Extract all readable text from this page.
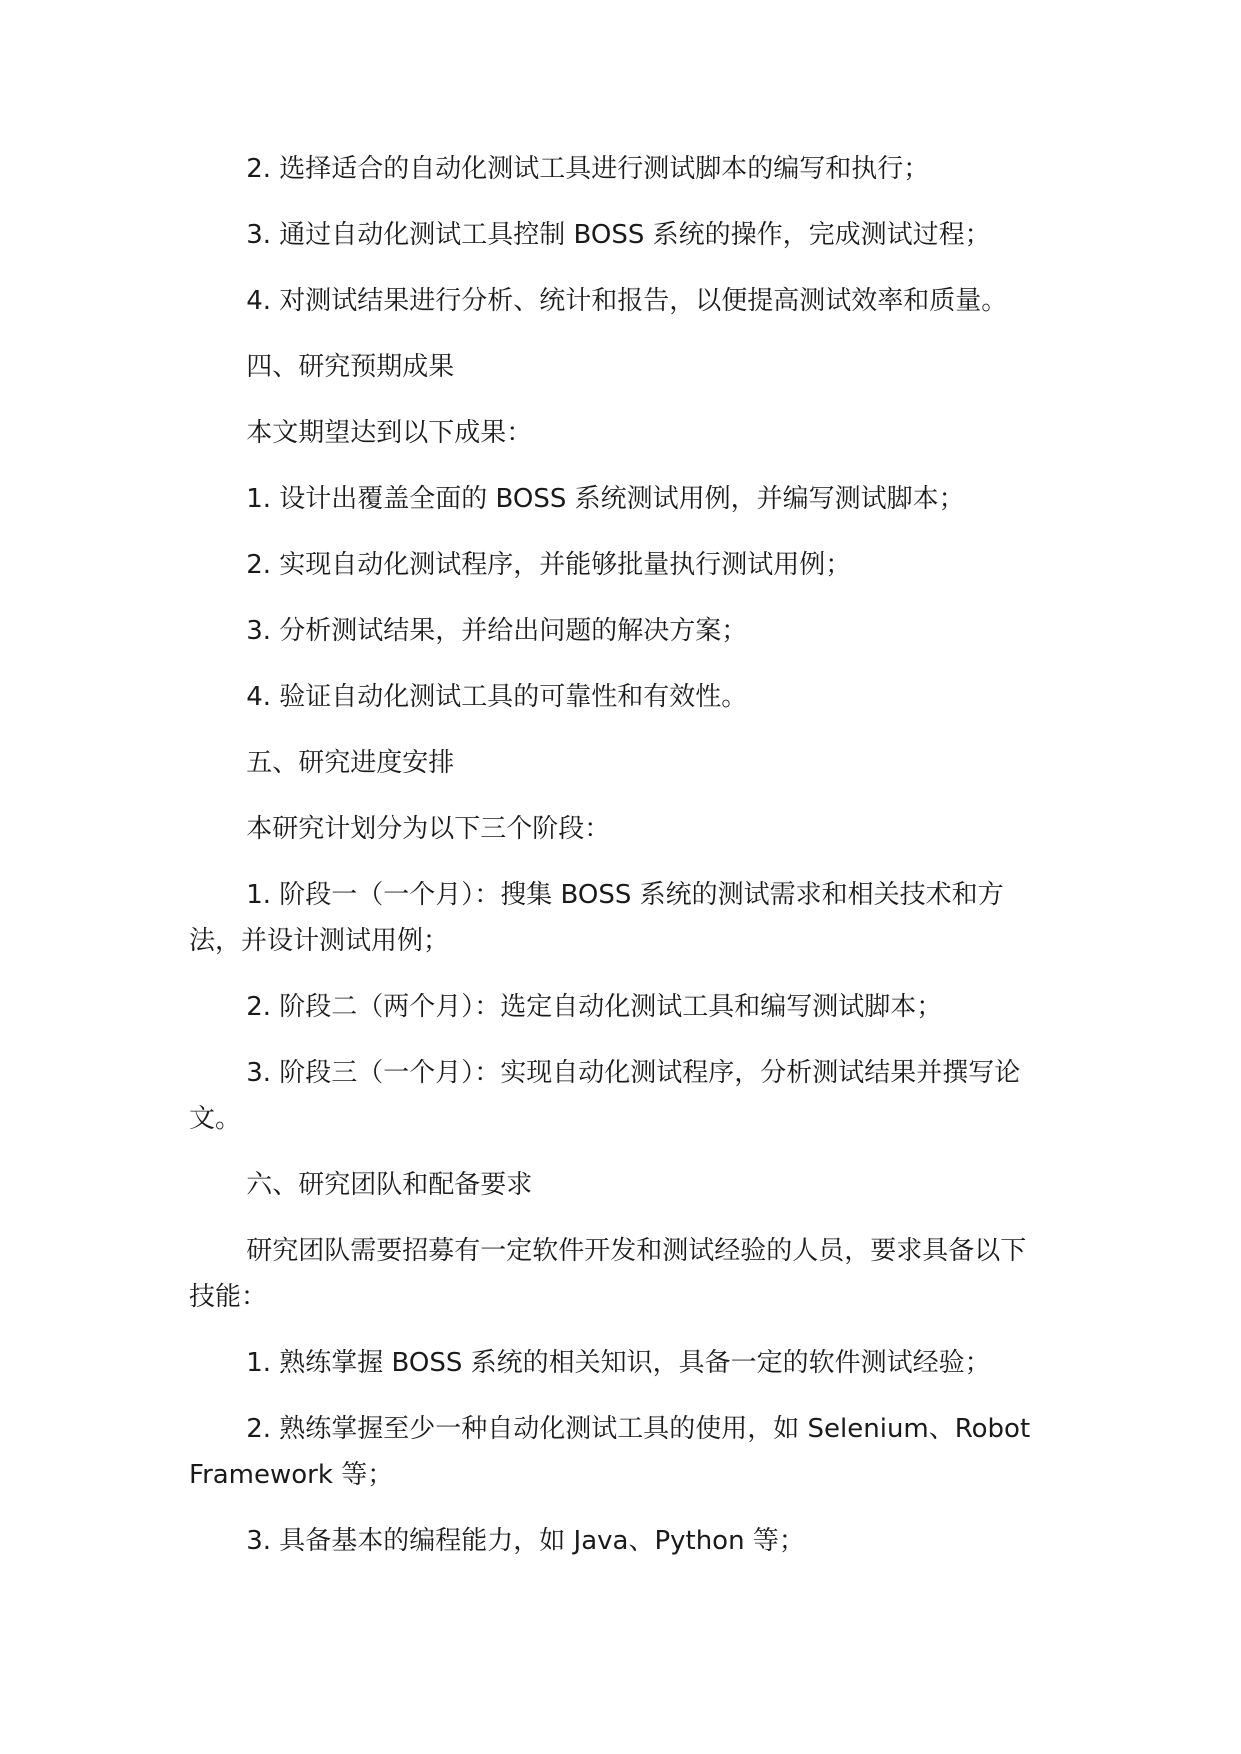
2. 选择适合的自动化测试工具进行测试脚本的编写和执行；

3. 通过自动化测试工具控制 BOSS 系统的操作，完成测试过程；

4. 对测试结果进行分析、统计和报告，以便提高测试效率和质量。

四、研究预期成果

本文期望达到以下成果：

1. 设计出覆盖全面的 BOSS 系统测试用例，并编写测试脚本；

2. 实现自动化测试程序，并能够批量执行测试用例；

3. 分析测试结果，并给出问题的解决方案；

4. 验证自动化测试工具的可靠性和有效性。

五、研究进度安排

本研究计划分为以下三个阶段：

1. 阶段一（一个月）：搜集 BOSS 系统的测试需求和相关技术和方法，并设计测试用例；

2. 阶段二（两个月）：选定自动化测试工具和编写测试脚本；

3. 阶段三（一个月）：实现自动化测试程序，分析测试结果并撰写论文。

六、研究团队和配备要求

研究团队需要招募有一定软件开发和测试经验的人员，要求具备以下技能：

1. 熟练掌握 BOSS 系统的相关知识，具备一定的软件测试经验；

2. 熟练掌握至少一种自动化测试工具的使用，如 Selenium、Robot Framework 等；

3. 具备基本的编程能力，如 Java、Python 等；
